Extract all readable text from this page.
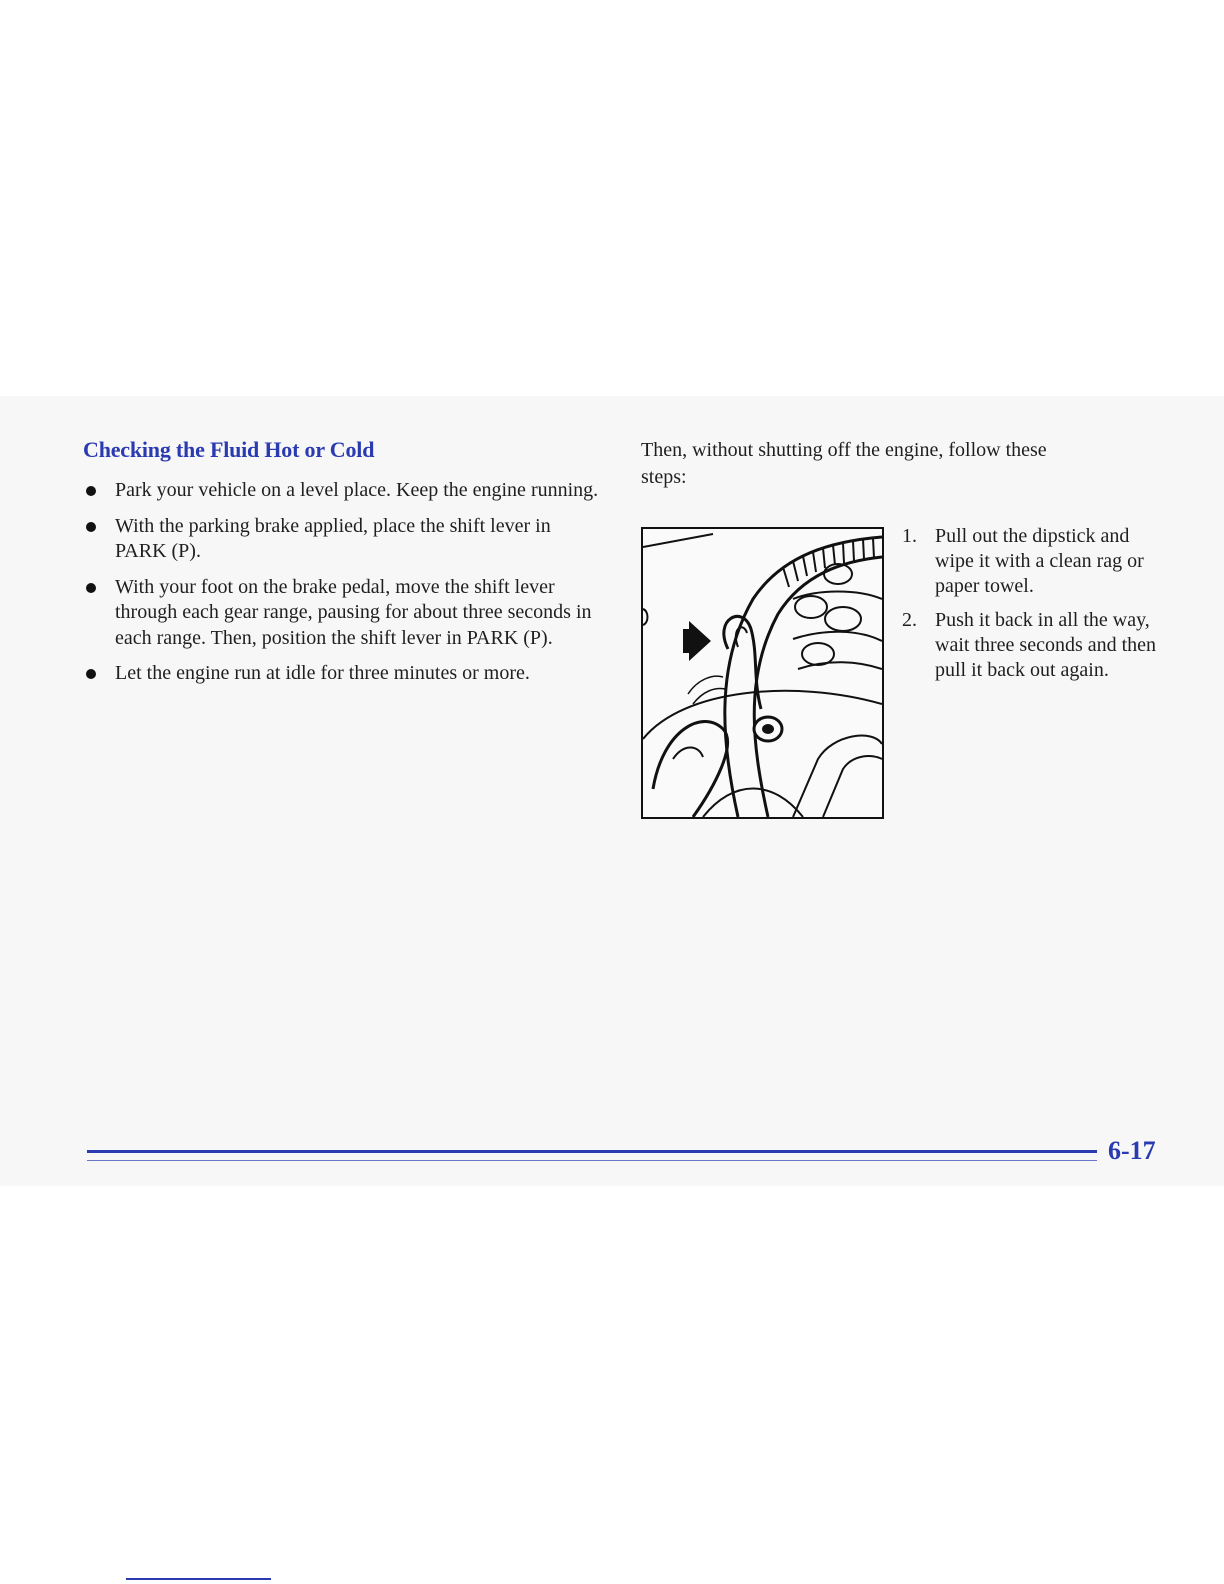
Checking the Fluid Hot or Cold
Park your vehicle on a level place. Keep the engine running.
With the parking brake applied, place the shift lever in PARK (P).
With your foot on the brake pedal, move the shift lever through each gear range, pausing for about three seconds in each range. Then, position the shift lever in PARK (P).
Let the engine run at idle for three minutes or more.

Then, without shutting off the engine, follow these steps:

1. Pull out the dipstick and wipe it with a clean rag or paper towel.
2. Push it back in all the way, wait three seconds and then pull it back out again.
6-17
